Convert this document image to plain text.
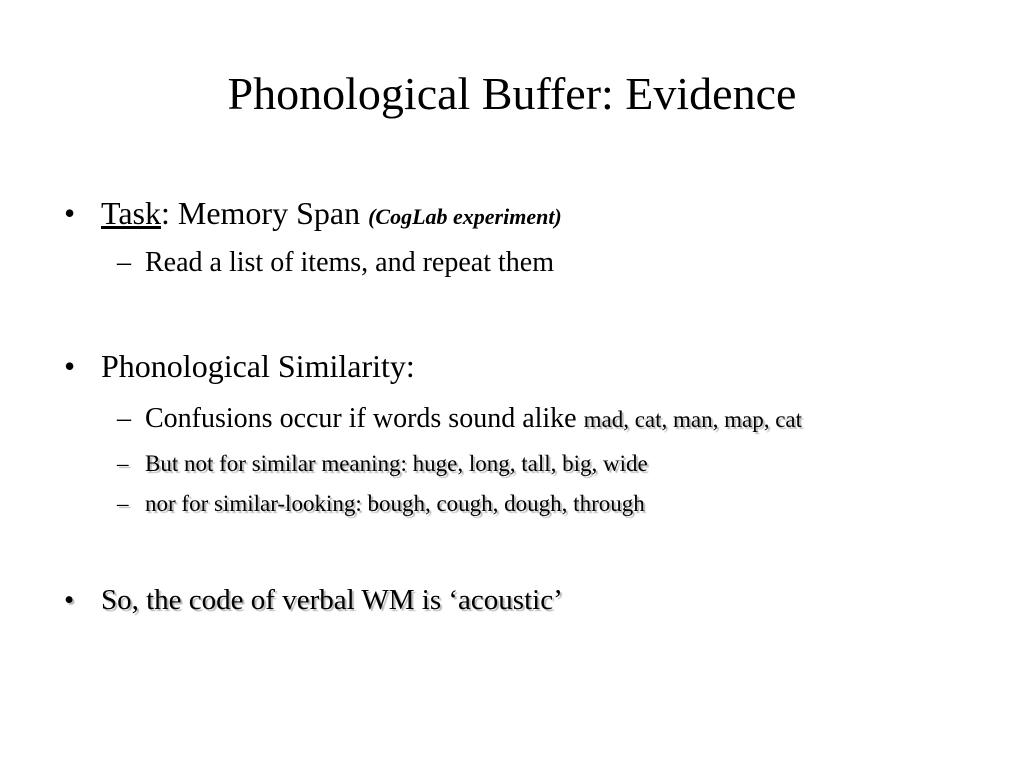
Phonological Buffer: Evidence
• Task: Memory Span (CogLab experiment)
– Read a list of items, and repeat them
• Phonological Similarity:
– Confusions occur if words sound alike mad, cat, man, map, cat
– But not for similar meaning: huge, long, tall, big, wide
– nor for similar-looking: bough, cough, dough, through
• So, the code of verbal WM is ‘acoustic’
